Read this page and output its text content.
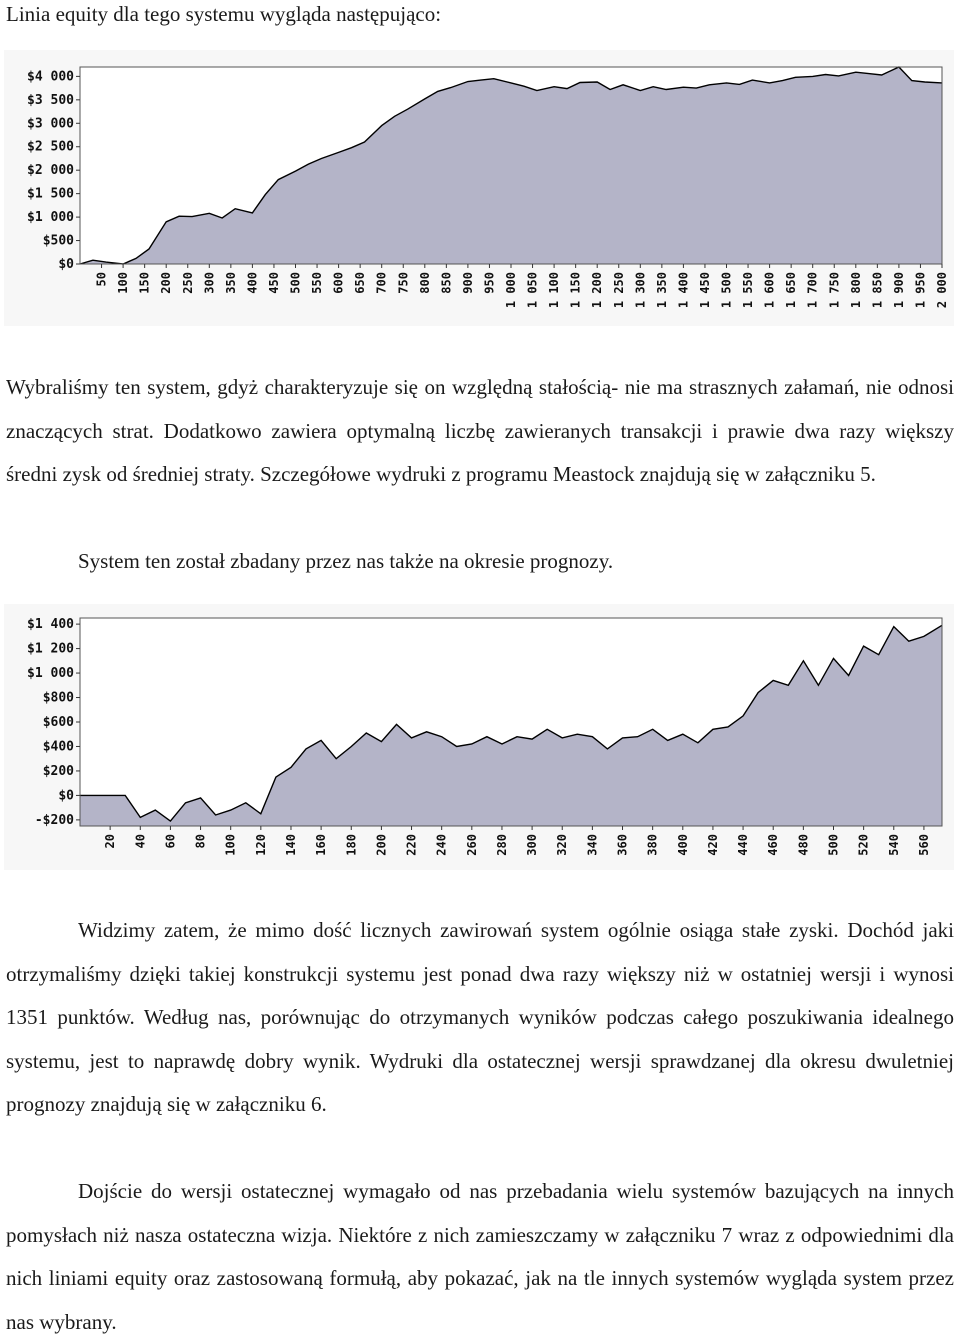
Linia equity dla tego systemu wygląda następująco:
$0
$500
$1 000
$1 500
$2 000
$2 500
$3 000
$3 500
$4 000
50 100 150 200 250 300 350 400 450 500 550 600 650 700 750 800 850 900 950 1 000 1 050 1 100 1 150 1 200 1 250 1 300 1 350 1 400 1 450 1 500 1 550 1 600 1 650 1 700 1 750 1 800 1 850 1 900 1 950 2 000
Wybraliśmy ten system, gdyż charakteryzuje się on względną stałością- nie ma strasznych załamań, nie odnosi znaczących strat. Dodatkowo zawiera optymalną liczbę zawieranych transakcji i prawie dwa razy większy średni zysk od średniej straty. Szczegółowe wydruki z programu Meastock znajdują się w załączniku 5.
System ten został zbadany przez nas także na okresie prognozy.
-$200
$0
$200
$400
$600
$800
$1 000
$1 200
$1 400
20 40 60 80 100 120 140 160 180 200 220 240 260 280 300 320 340 360 380 400 420 440 460 480 500 520 540 560
Widzimy zatem, że mimo dość licznych zawirowań system ogólnie osiąga stałe zyski. Dochód jaki otrzymaliśmy dzięki takiej konstrukcji systemu jest ponad dwa razy większy niż w ostatniej wersji i wynosi 1351 punktów. Według nas, porównując do otrzymanych wyników podczas całego poszukiwania idealnego systemu, jest to naprawdę dobry wynik. Wydruki dla ostatecznej wersji sprawdzanej dla okresu dwuletniej prognozy znajdują się w załączniku 6.
Dojście do wersji ostatecznej wymagało od nas przebadania wielu systemów bazujących na innych pomysłach niż nasza ostateczna wizja. Niektóre z nich zamieszczamy w załączniku 7 wraz z odpowiednimi dla nich liniami equity oraz zastosowaną formułą, aby pokazać, jak na tle innych systemów wygląda system przez nas wybrany.
